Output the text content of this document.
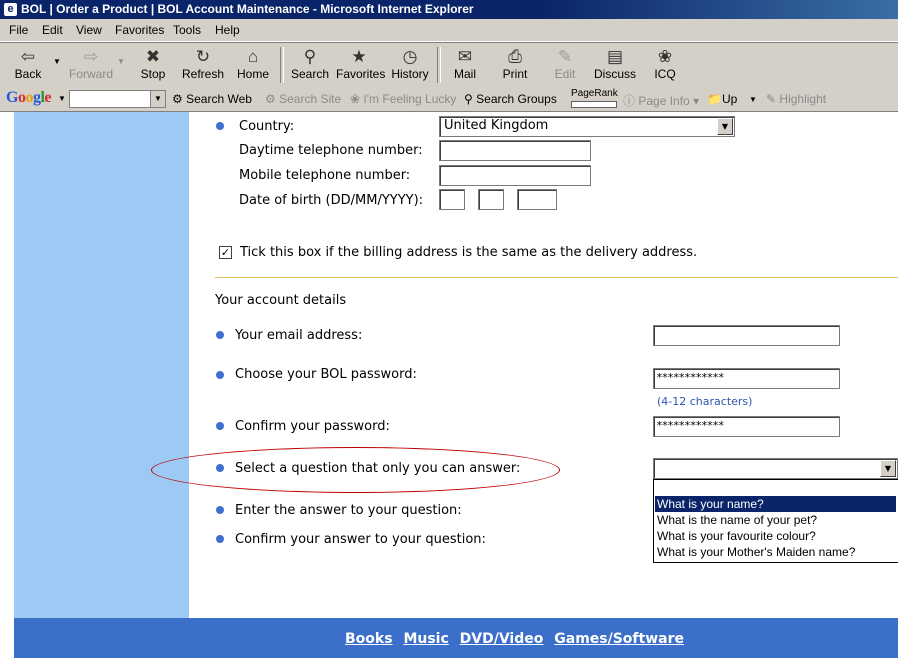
e BOL | Order a Product | BOL Account Maintenance - Microsoft Internet Explorer
File Edit View Favorites Tools Help
⇦
Back
▼ ⇨
Forward
▼ ✖
Stop
↻
Refresh
⌂
Home
⚲
Search
★
Favorites
◷
History
✉
Mail
⎙
Print
✎
Edit
▤
Discuss
❀
ICQ
Google ▼	▼ ⚙ Search Web ⚙ Search Site ❀ I'm Feeling Lucky ⚲ Search Groups PageRank
ⓘ Page Info ▾ 📁Up ▼ ✎ Highlight
Country:	United Kingdom	▼
Daytime telephone number:
Mobile telephone number:
Date of birth (DD/MM/YYYY):
✓ Tick this box if the billing address is the same as the delivery address.
Your account details
Your email address:
Choose your BOL password:	************
(4-12 characters)
Confirm your password:	************
Select a question that only you can answer:	▼
Enter the answer to your question:
Confirm your answer to your question:
What is your name?
What is the name of your pet?
What is your favourite colour?
What is your Mother's Maiden name?
Books Music DVD/Video Games/Software
